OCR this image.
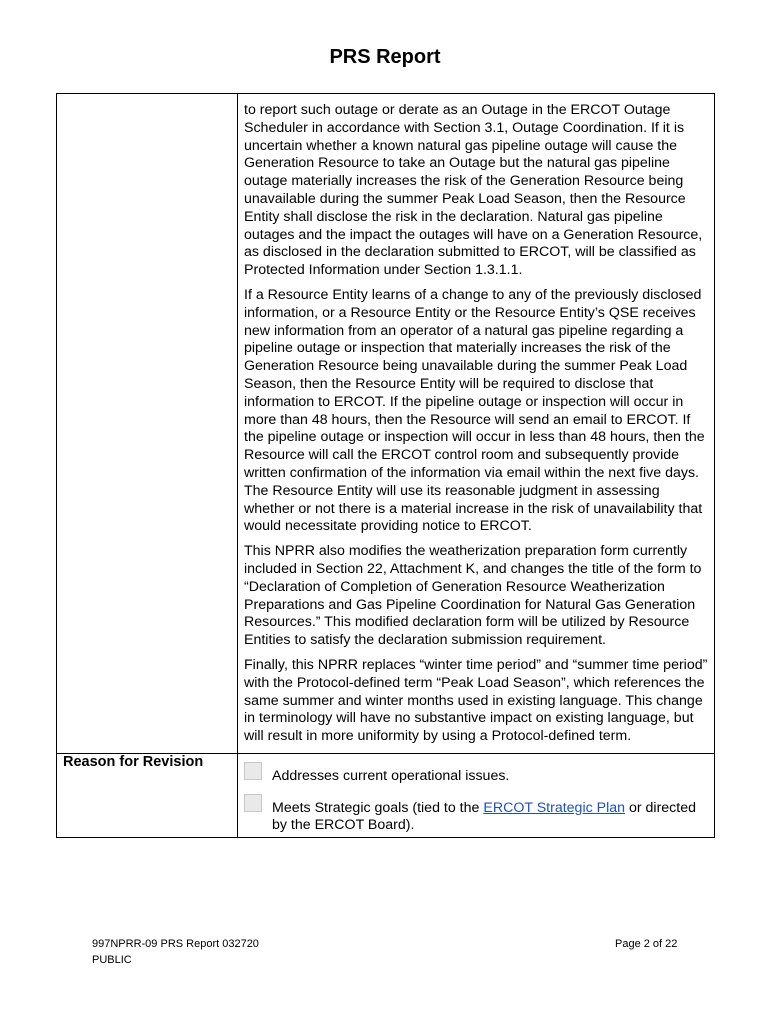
PRS Report

	to report such outage or derate as an Outage in the ERCOT Outage Scheduler in accordance with Section 3.1, Outage Coordination. If it is uncertain whether a known natural gas pipeline outage will cause the Generation Resource to take an Outage but the natural gas pipeline outage materially increases the risk of the Generation Resource being unavailable during the summer Peak Load Season, then the Resource Entity shall disclose the risk in the declaration. Natural gas pipeline outages and the impact the outages will have on a Generation Resource, as disclosed in the declaration submitted to ERCOT, will be classified as Protected Information under Section 1.3.1.1.

If a Resource Entity learns of a change to any of the previously disclosed information, or a Resource Entity or the Resource Entity’s QSE receives new information from an operator of a natural gas pipeline regarding a pipeline outage or inspection that materially increases the risk of the Generation Resource being unavailable during the summer Peak Load Season, then the Resource Entity will be required to disclose that information to ERCOT. If the pipeline outage or inspection will occur in more than 48 hours, then the Resource will send an email to ERCOT. If the pipeline outage or inspection will occur in less than 48 hours, then the Resource will call the ERCOT control room and subsequently provide written confirmation of the information via email within the next five days. The Resource Entity will use its reasonable judgment in assessing whether or not there is a material increase in the risk of unavailability that would necessitate providing notice to ERCOT.

This NPRR also modifies the weatherization preparation form currently included in Section 22, Attachment K, and changes the title of the form to “Declaration of Completion of Generation Resource Weatherization Preparations and Gas Pipeline Coordination for Natural Gas Generation Resources.” This modified declaration form will be utilized by Resource Entities to satisfy the declaration submission requirement.

Finally, this NPRR replaces “winter time period” and “summer time period” with the Protocol-defined term “Peak Load Season”, which references the same summer and winter months used in existing language. This change in terminology will have no substantive impact on existing language, but will result in more uniformity by using a Protocol-defined term.

Reason for Revision	Addresses current operational issues.
Meets Strategic goals (tied to the ERCOT Strategic Plan or directed by the ERCOT Board).
997NPRR-09 PRS Report 032720
PUBLIC
Page 2 of 22
